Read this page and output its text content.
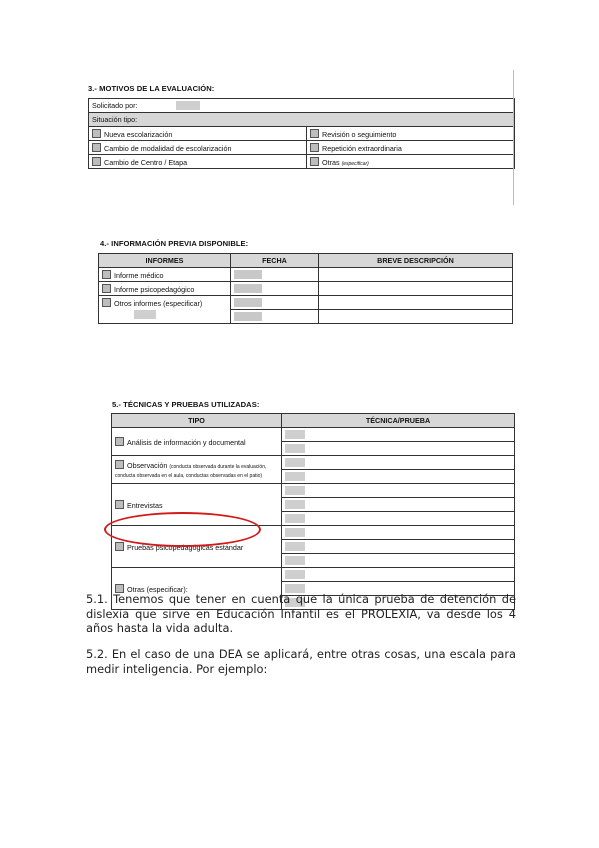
3.- MOTIVOS DE LA EVALUACIÓN:
Solicitado por:	
Situación tipo:	
Nueva escolarización	Revisión o seguimiento
Cambio de modalidad de escolarización	Repetición extraordinaria
Cambio de Centro / Etapa	Otras (especificar)
4.- INFORMACIÓN PREVIA DISPONIBLE:
INFORMES	FECHA	BREVE DESCRIPCIÓN
Informe médico		
Informe psicopedagógico		
Otros informes (especificar)

5.- TÉCNICAS Y PRUEBAS UTILIZADAS:
TIPO	TÉCNICA/PRUEBA
Análisis de información y documental	

Observación (conducta observada durante la evaluación,
conducta observada en el aula, conductas observadas en el patio)	

Entrevistas	

Pruebas psicopedagógicas estándar	

Otras (especificar):	

5.1. Tenemos que tener en cuenta que la única prueba de detención de dislexia que sirve en Educación Infantil es el PROLEXIA, va desde los 4 años hasta la vida adulta.
5.2. En el caso de una DEA se aplicará, entre otras cosas, una escala para medir inteligencia. Por ejemplo:
